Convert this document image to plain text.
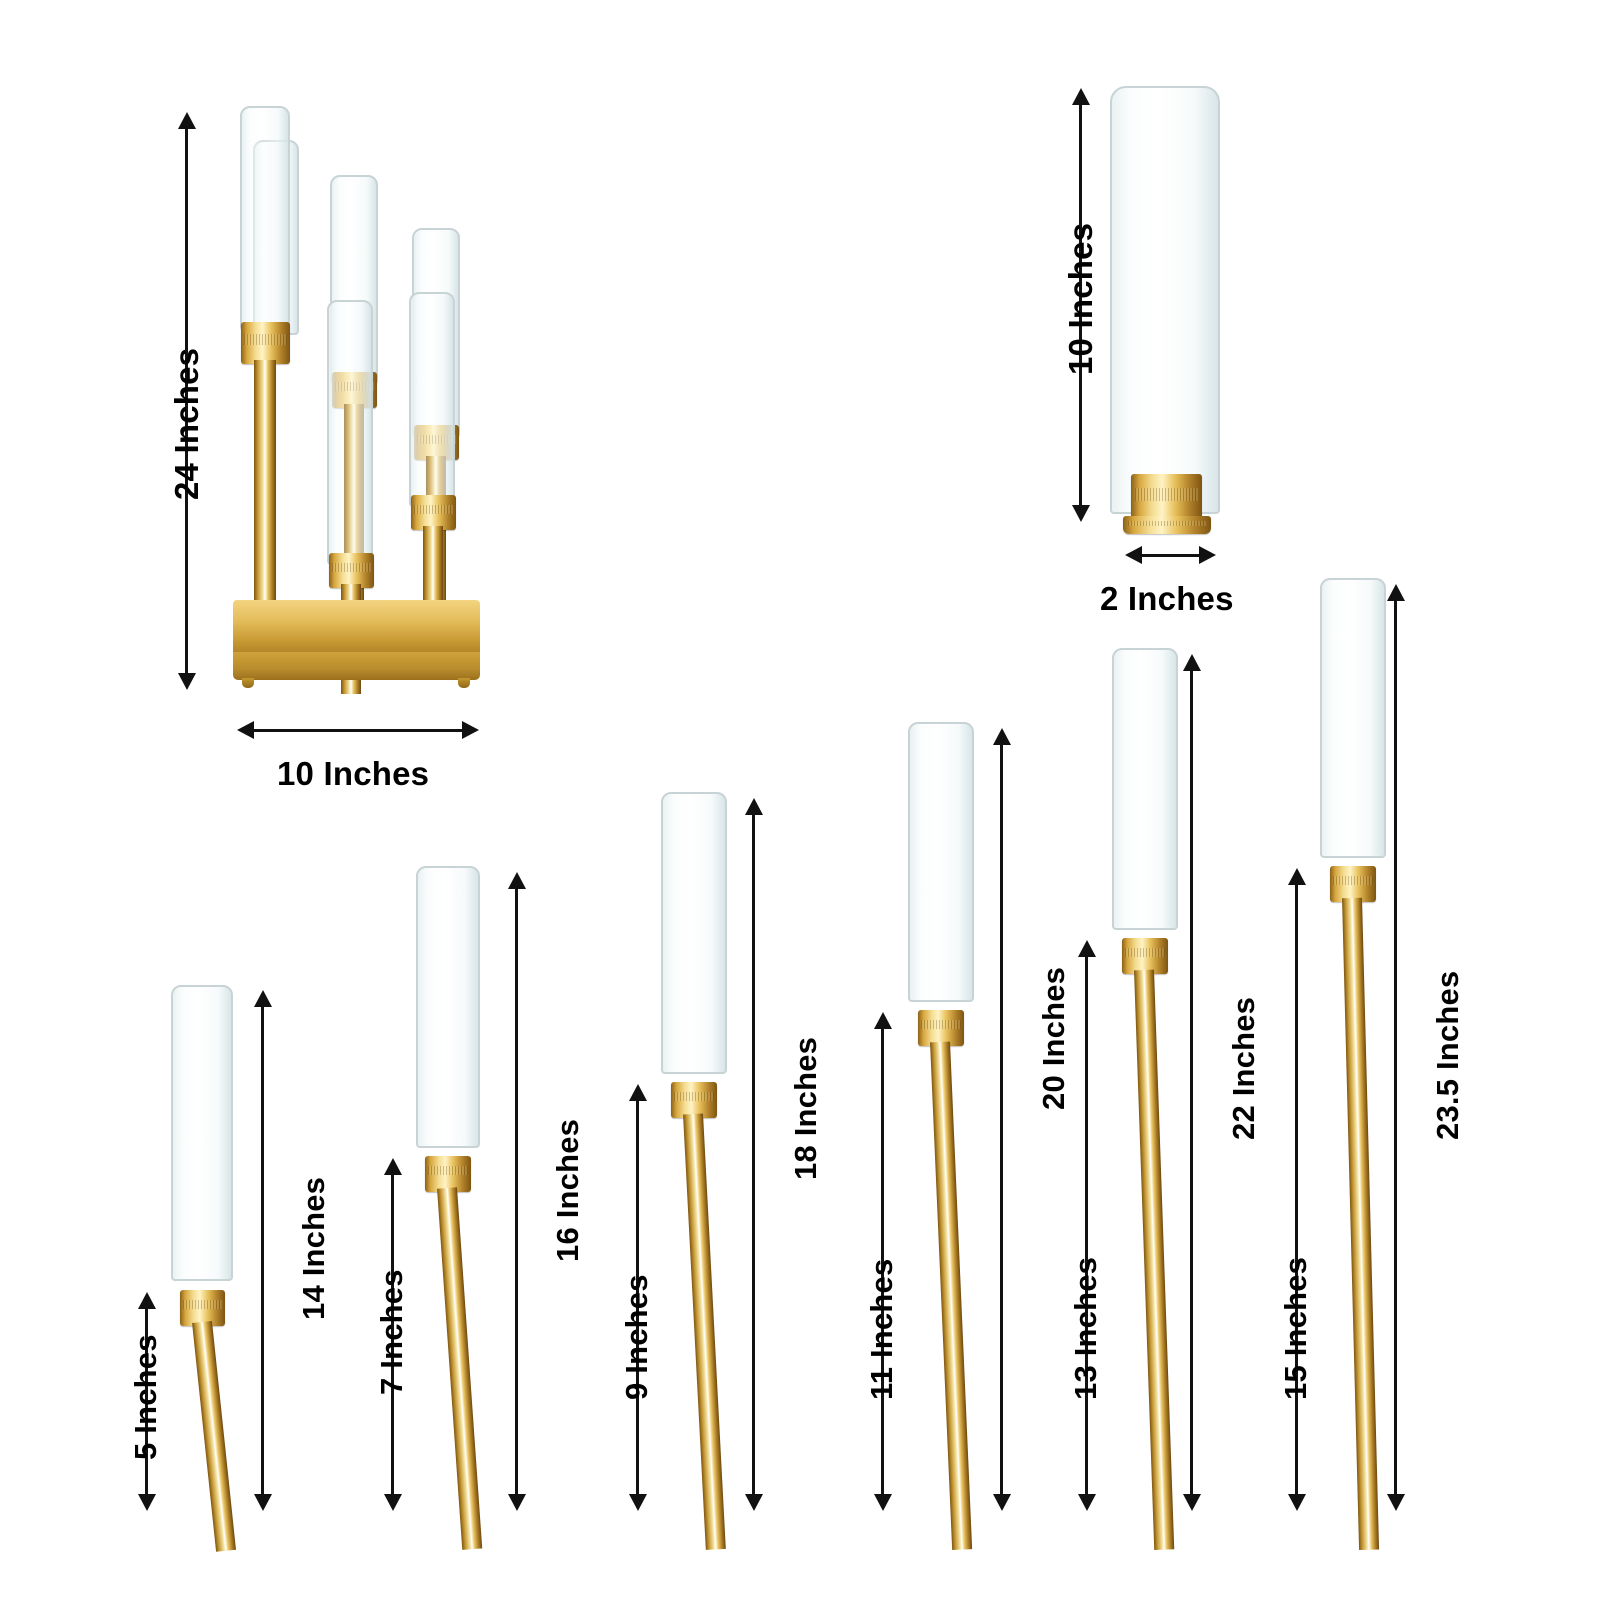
24 Inches
10 Inches
10 Inches
2 Inches
5 Inches
14 Inches
7 Inches
16 Inches
9 Inches
18 Inches
11 Inches
20 Inches
13 Inches
22 Inches
15 Inches
23.5 Inches
